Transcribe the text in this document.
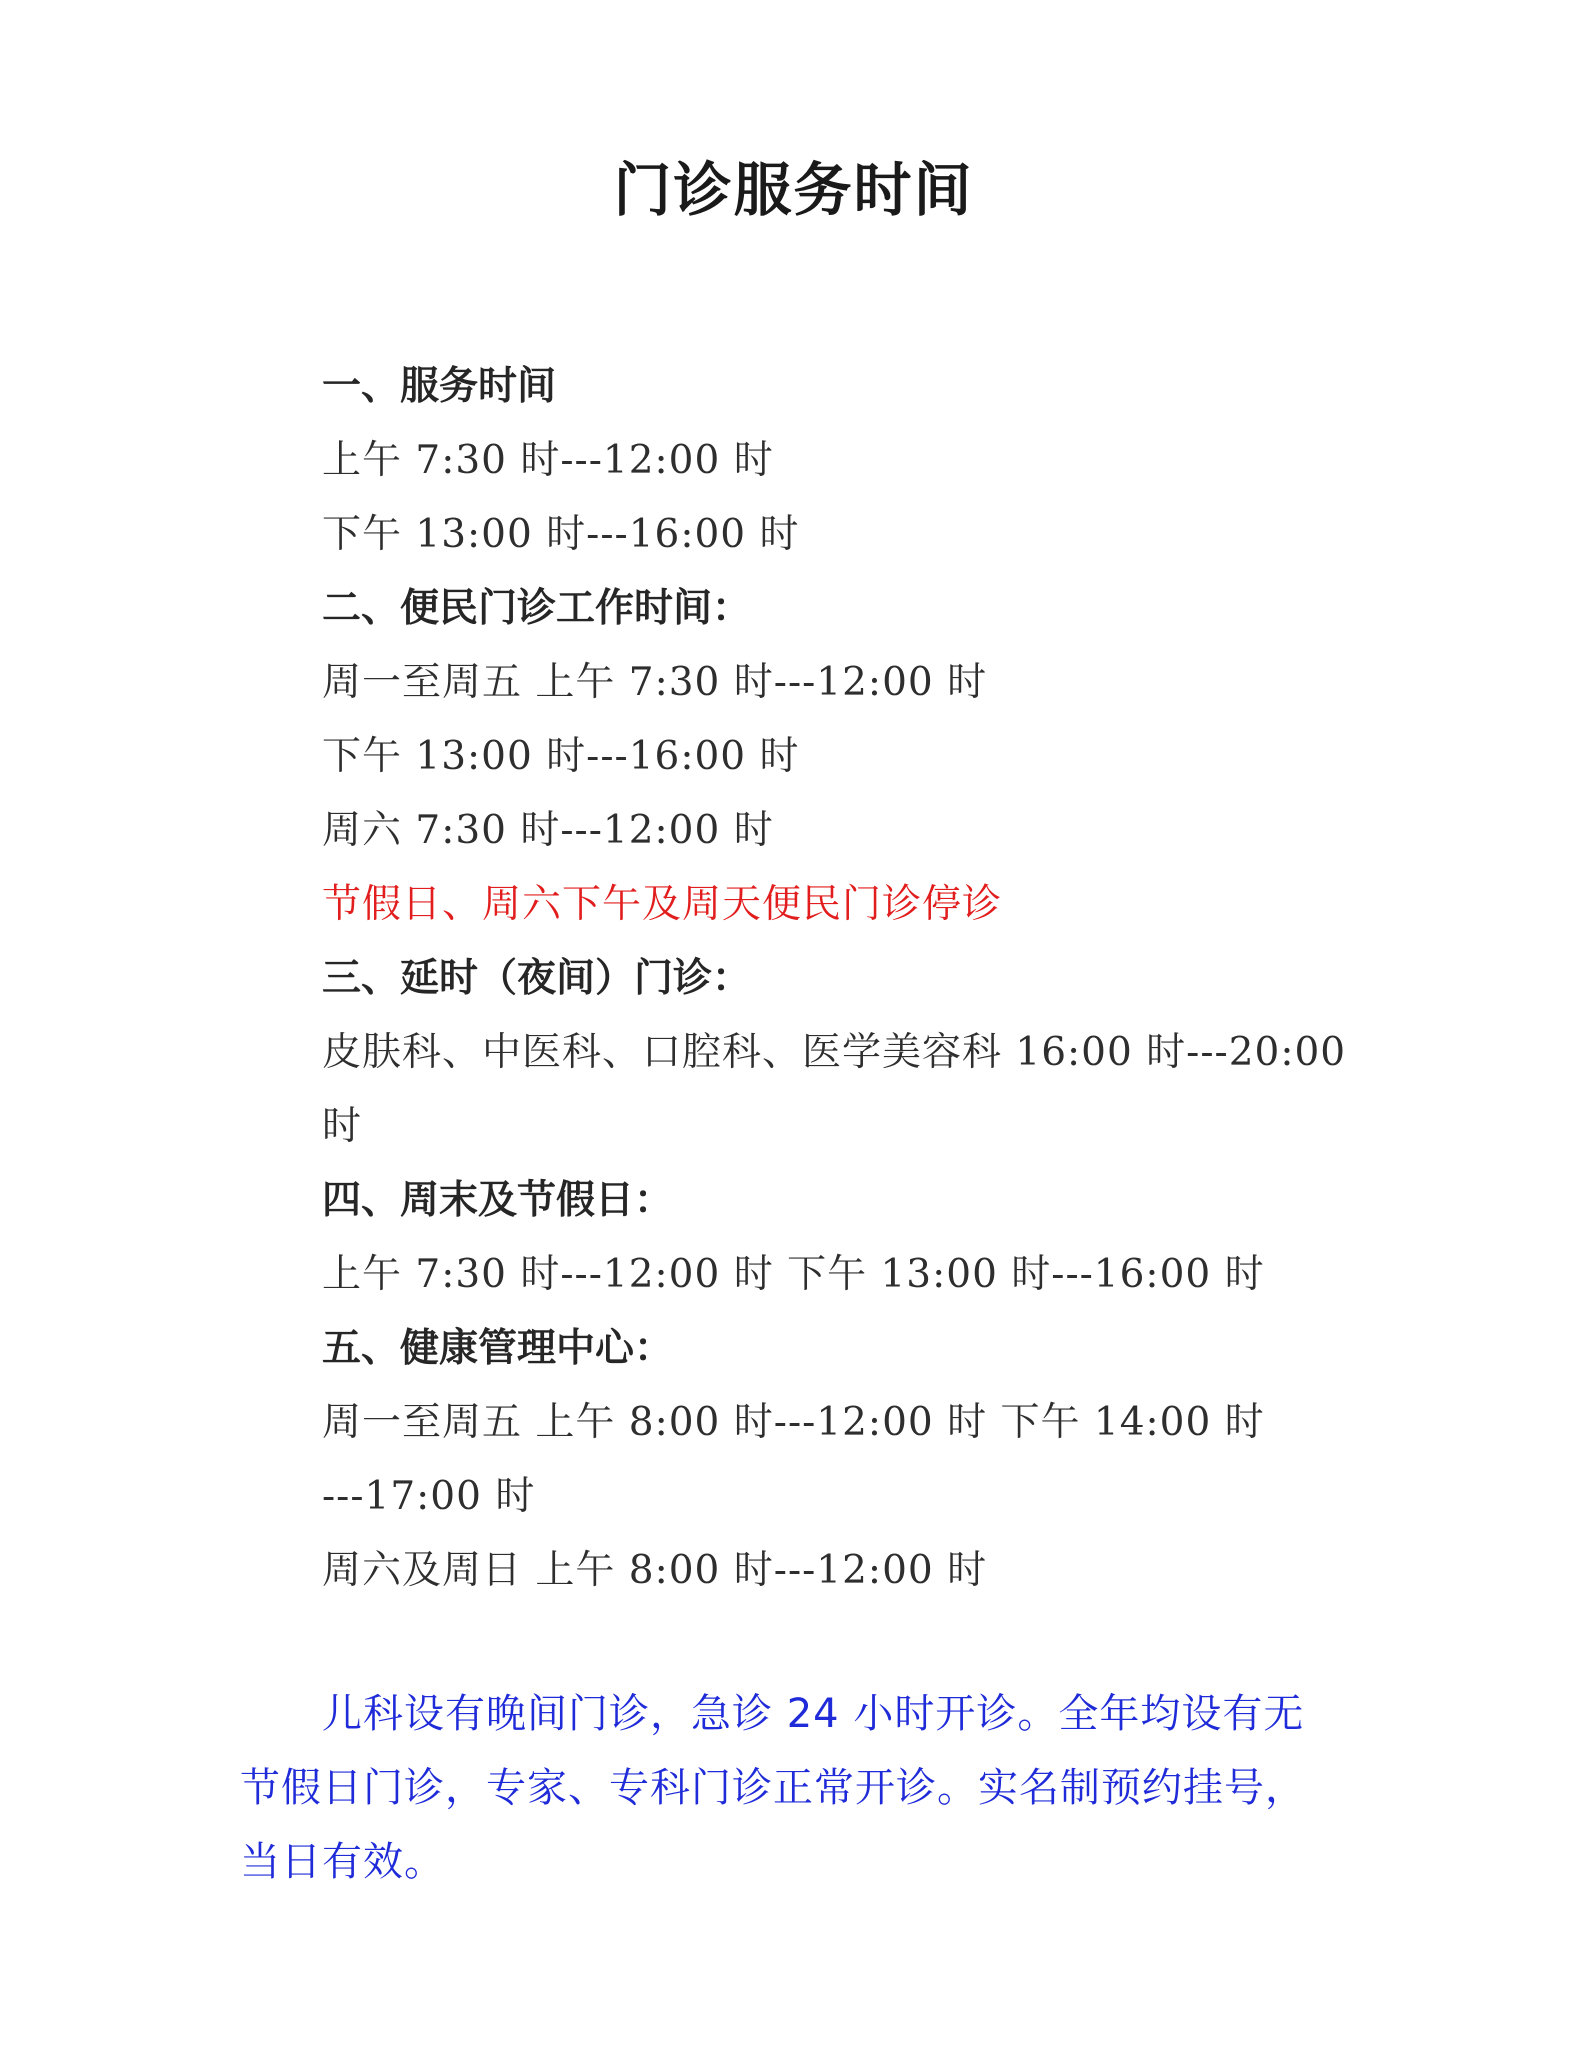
门诊服务时间
一、服务时间
上午 7:30 时---12:00 时
下午 13:00 时---16:00 时
二、便民门诊工作时间：
周一至周五 上午 7:30 时---12:00 时
下午 13:00 时---16:00 时
周六 7:30 时---12:00 时
节假日、周六下午及周天便民门诊停诊
三、延时（夜间）门诊：
皮肤科、中医科、口腔科、医学美容科 16:00 时---20:00
时
四、周末及节假日：
上午 7:30 时---12:00 时 下午 13:00 时---16:00 时
五、健康管理中心：
周一至周五 上午 8:00 时---12:00 时 下午 14:00 时
---17:00 时
周六及周日 上午 8:00 时---12:00 时
儿科设有晚间门诊，急诊 24 小时开诊。全年均设有无节假日门诊，专家、专科门诊正常开诊。实名制预约挂号，当日有效。
